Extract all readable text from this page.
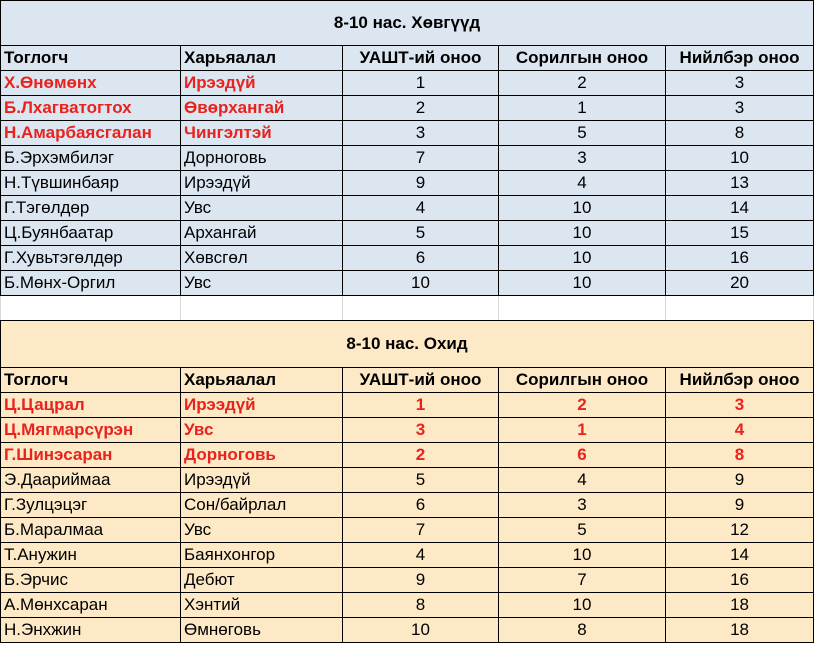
8-10 нас. Хөвгүүд				
Тоглогч	Харьяалал	УАШТ-ий оноо	Сорилгын оноо	Нийлбэр оноо
Х.Өнөмөнх	Ирээдүй	1	2	3
Б.Лхагватогтох	Өвөрхангай	2	1	3
Н.Амарбаясгалан	Чингэлтэй	3	5	8
Б.Эрхэмбилэг	Дорноговь	7	3	10
Н.Түвшинбаяр	Ирээдүй	9	4	13
Г.Тэгөлдөр	Увс	4	10	14
Ц.Буянбаатар	Архангай	5	10	15
Г.Хувьтэгөлдөр	Хөвсгөл	6	10	16
Б.Мөнх-Оргил	Увс	10	10	20

8-10 нас. Охид				
Тоглогч	Харьяалал	УАШТ-ий оноо	Сорилгын оноо	Нийлбэр оноо
Ц.Цацрал	Ирээдүй	1	2	3
Ц.Мягмарсүрэн	Увс	3	1	4
Г.Шинэсаран	Дорноговь	2	6	8
Э.Даариймаа	Ирээдүй	5	4	9
Г.Зулцэцэг	Сон/байрлал	6	3	9
Б.Маралмаа	Увс	7	5	12
Т.Анужин	Баянхонгор	4	10	14
Б.Эрчис	Дебют	9	7	16
А.Мөнхсаран	Хэнтий	8	10	18
Н.Энхжин	Өмнөговь	10	8	18
